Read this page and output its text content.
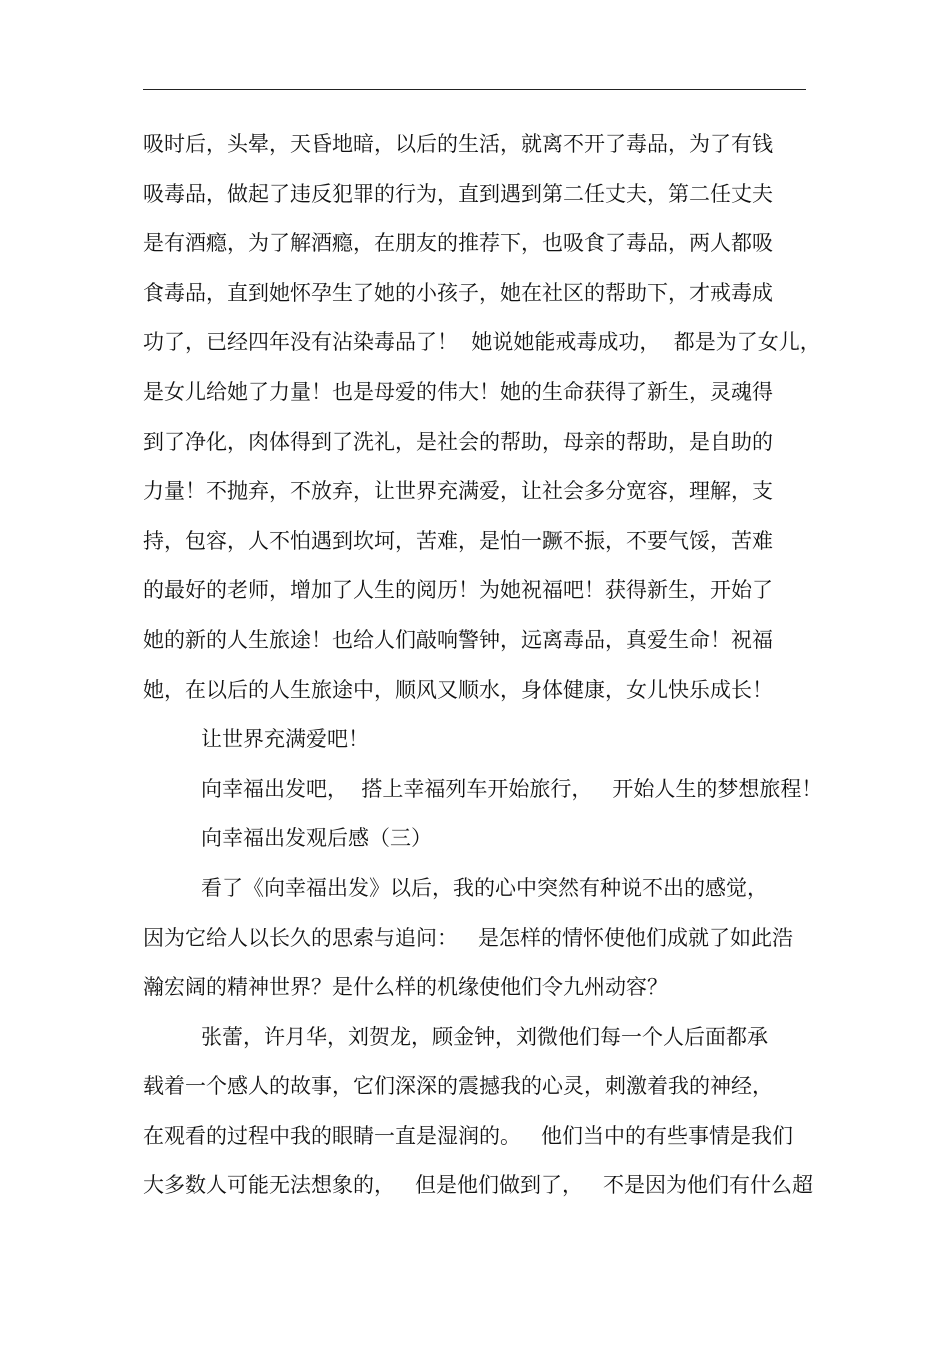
吸时后，头晕，天昏地暗，以后的生活，就离不开了毒品，为了有钱
吸毒品，做起了违反犯罪的行为，直到遇到第二任丈夫，第二任丈夫
是有酒瘾，为了解酒瘾，在朋友的推荐下，也吸食了毒品，两人都吸
食毒品，直到她怀孕生了她的小孩子，她在社区的帮助下，才戒毒成
功了，已经四年没有沾染毒品了！  她说她能戒毒成功，  都是为了女儿，
是女儿给她了力量！也是母爱的伟大！她的生命获得了新生，灵魂得
到了净化，肉体得到了洗礼，是社会的帮助，母亲的帮助，是自助的
力量！不抛弃，不放弃，让世界充满爱，让社会多分宽容，理解，支
持，包容，人不怕遇到坎坷，苦难，是怕一蹶不振，不要气馁，苦难
的最好的老师，增加了人生的阅历！为她祝福吧！获得新生，开始了
她的新的人生旅途！也给人们敲响警钟，远离毒品，真爱生命！祝福
她，在以后的人生旅途中，顺风又顺水，身体健康，女儿快乐成长！
让世界充满爱吧！
向幸福出发吧，  搭上幸福列车开始旅行，   开始人生的梦想旅程！
向幸福出发观后感（三）
看了《向幸福出发》以后，我的心中突然有种说不出的感觉，
因为它给人以长久的思索与追问：   是怎样的情怀使他们成就了如此浩
瀚宏阔的精神世界？是什么样的机缘使他们令九州动容？
张蕾，许月华，刘贺龙，顾金钟，刘微他们每一个人后面都承
载着一个感人的故事，它们深深的震撼我的心灵，刺激着我的神经，
在观看的过程中我的眼睛一直是湿润的。   他们当中的有些事情是我们
大多数人可能无法想象的，   但是他们做到了，   不是因为他们有什么超
